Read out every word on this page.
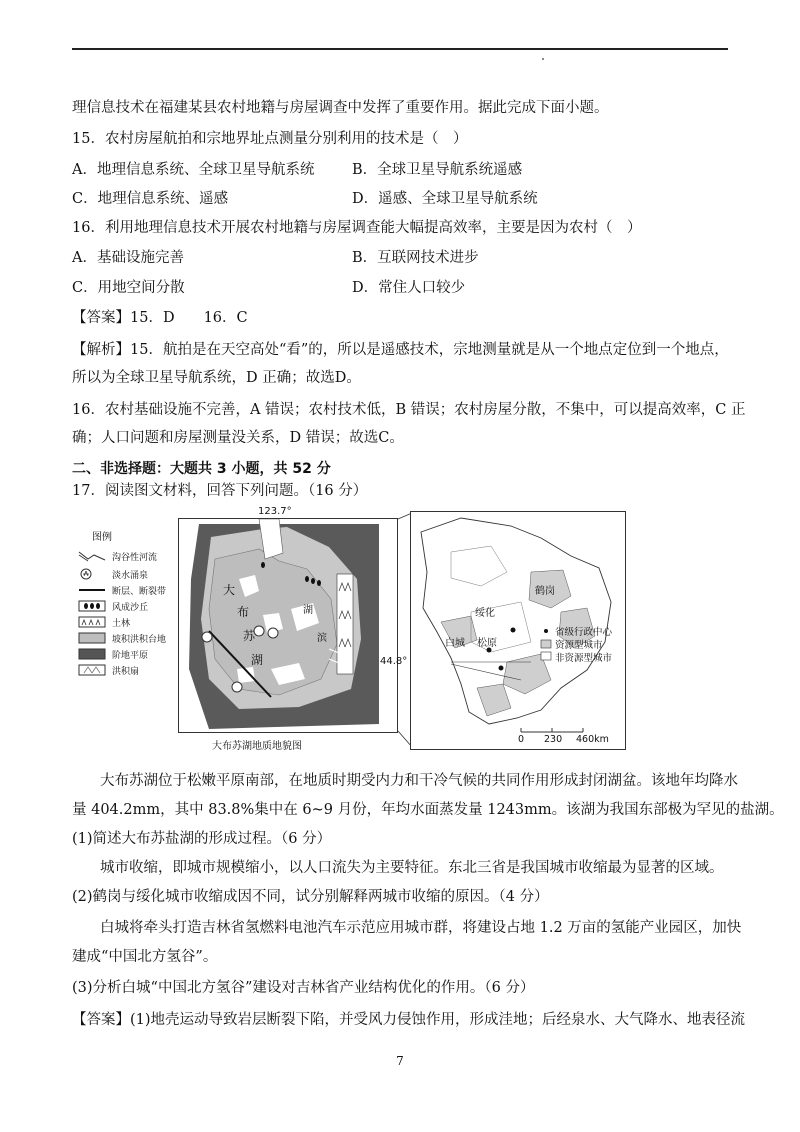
理信息技术在福建某县农村地籍与房屋调查中发挥了重要作用。据此完成下面小题。
15．农村房屋航拍和宗地界址点测量分别利用的技术是（　）
A．地理信息系统、全球卫星导航系统	B．全球卫星导航系统遥感
C．地理信息系统、遥感	D．遥感、全球卫星导航系统
16．利用地理信息技术开展农村地籍与房屋调查能大幅提高效率，主要是因为农村（　）
A．基础设施完善	B．互联网技术进步
C．用地空间分散	D．常住人口较少
【答案】15．D　　16．C
【解析】15．航拍是在天空高处“看”的，所以是遥感技术，宗地测量就是从一个地点定位到一个地点，
所以为全球卫星导航系统，D 正确；故选D。
16．农村基础设施不完善，A 错误；农村技术低，B 错误；农村房屋分散，不集中，可以提高效率，C 正
确；人口问题和房屋测量没关系，D 错误；故选C。
二、非选择题：大题共 3 小题，共 52 分
17．阅读图文材料，回答下列问题。（16 分）
图例
沟谷性河流
淡水涌泉
断层、断裂带
风成沙丘
土林
坡积洪积台地
阶地平原
洪积扇
大
布
苏
湖
湖
滨
123.7°
44.8°
大布苏湖地质地貌图
鹤岗
绥化
白城 松原
省级行政中心
资源型城市
非资源型城市
0 230 460km
大布苏湖位于松嫩平原南部，在地质时期受内力和干冷气候的共同作用形成封闭湖盆。该地年均降水
量 404.2mm，其中 83.8%集中在 6~9 月份，年均水面蒸发量 1243mm。该湖为我国东部极为罕见的盐湖。
(1)简述大布苏盐湖的形成过程。（6 分）
城市收缩，即城市规模缩小，以人口流失为主要特征。东北三省是我国城市收缩最为显著的区域。
(2)鹤岗与绥化城市收缩成因不同，试分别解释两城市收缩的原因。（4 分）
白城将牵头打造吉林省氢燃料电池汽车示范应用城市群，将建设占地 1.2 万亩的氢能产业园区，加快
建成“中国北方氢谷”。
(3)分析白城“中国北方氢谷”建设对吉林省产业结构优化的作用。（6 分）
【答案】(1)地壳运动导致岩层断裂下陷，并受风力侵蚀作用，形成洼地；后经泉水、大气降水、地表径流
7
